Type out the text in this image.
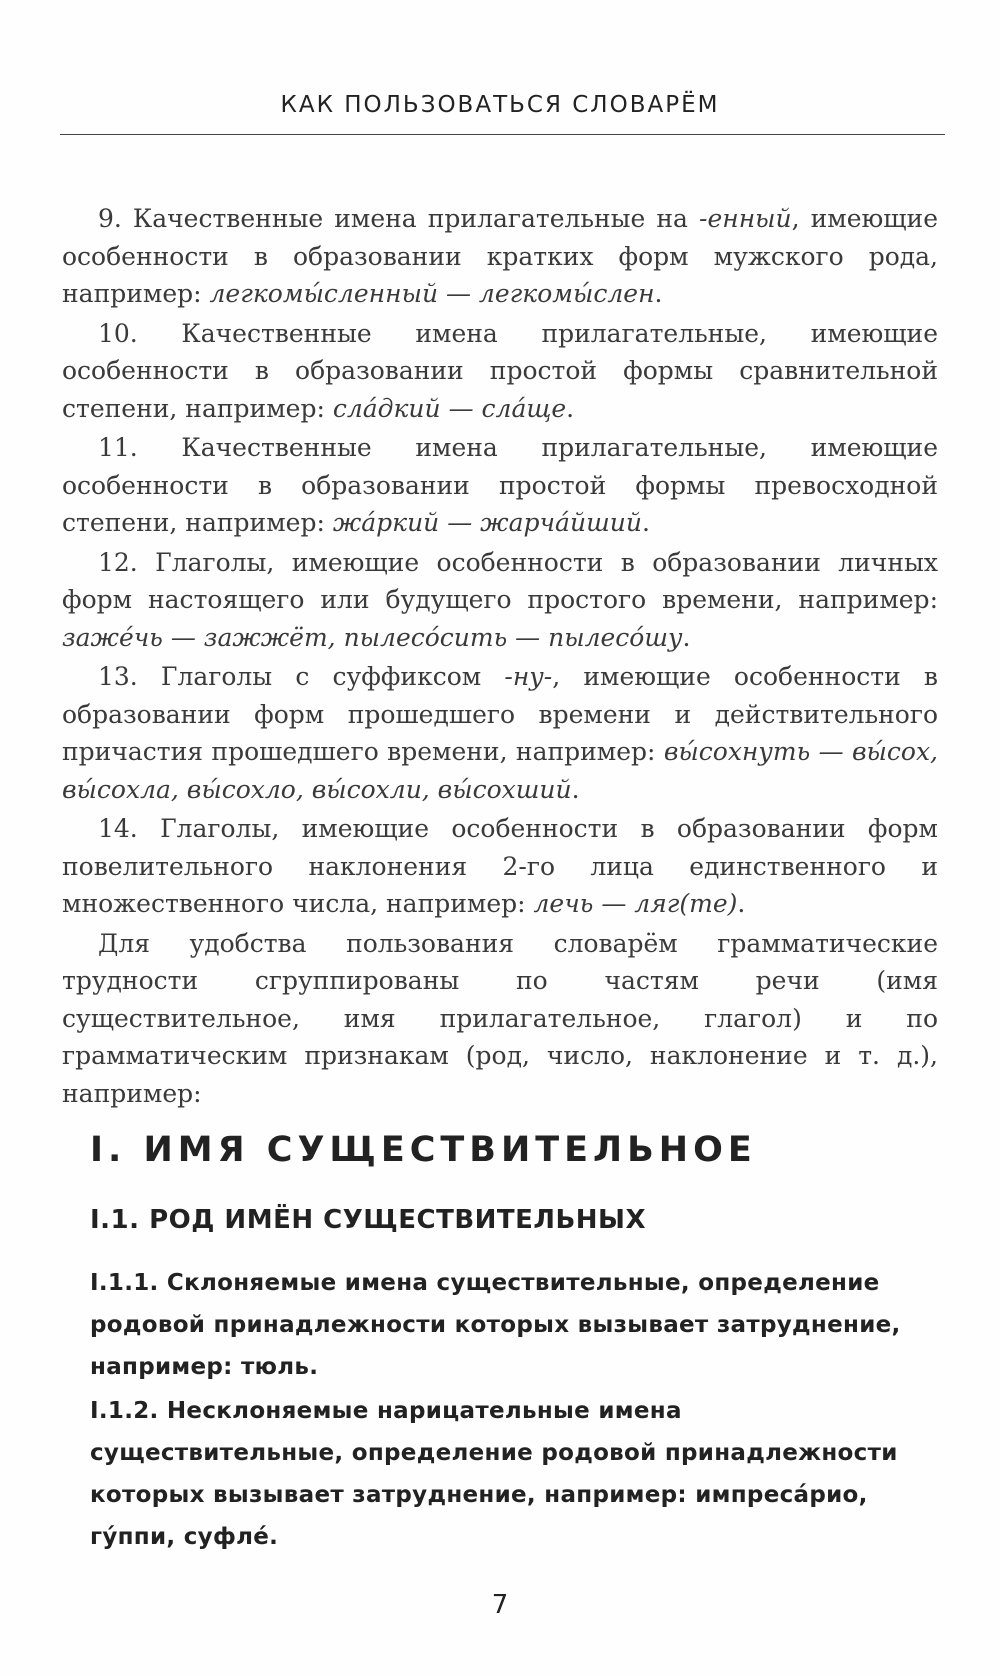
КАК ПОЛЬЗОВАТЬСЯ СЛОВАРЁМ

9. Качественные имена прилагательные на -енный, имеющие особенности в образовании кратких форм мужского рода, например: легкомы́сленный — легкомы́слен.

10. Качественные имена прилагательные, имеющие особенности в образовании простой формы сравнительной степени, например: сла́дкий — сла́ще.

11. Качественные имена прилагательные, имеющие особенности в образовании простой формы превосходной степени, например: жа́ркий — жарча́йший.

12. Глаголы, имеющие особенности в образовании личных форм настоящего или будущего простого времени, например: заже́чь — зажжёт, пылесо́сить — пылесо́шу.

13. Глаголы с суффиксом -ну-, имеющие особенности в образовании форм прошедшего времени и действительного причастия прошедшего времени, например: вы́сохнуть — вы́сох, вы́сохла, вы́сохло, вы́сохли, вы́сохший.

14. Глаголы, имеющие особенности в образовании форм повелительного наклонения 2-го лица единственного и множественного числа, например: лечь — ляг(те).

Для удобства пользования словарём грамматические трудности сгруппированы по частям речи (имя существительное, имя прилагательное, глагол) и по грамматическим признакам (род, число, наклонение и т. д.), например:

I. ИМЯ СУЩЕСТВИТЕЛЬНОЕ
I.1. РОД ИМЁН СУЩЕСТВИТЕЛЬНЫХ
I.1.1. Склоняемые имена существительные, определение родовой принадлежности которых вызывает затруднение, например: тюль.
I.1.2. Несклоняемые нарицательные имена существительные, определение родовой принадлежности которых вызывает затруднение, например: импреса́рио, гу́ппи, суфле́.
7
